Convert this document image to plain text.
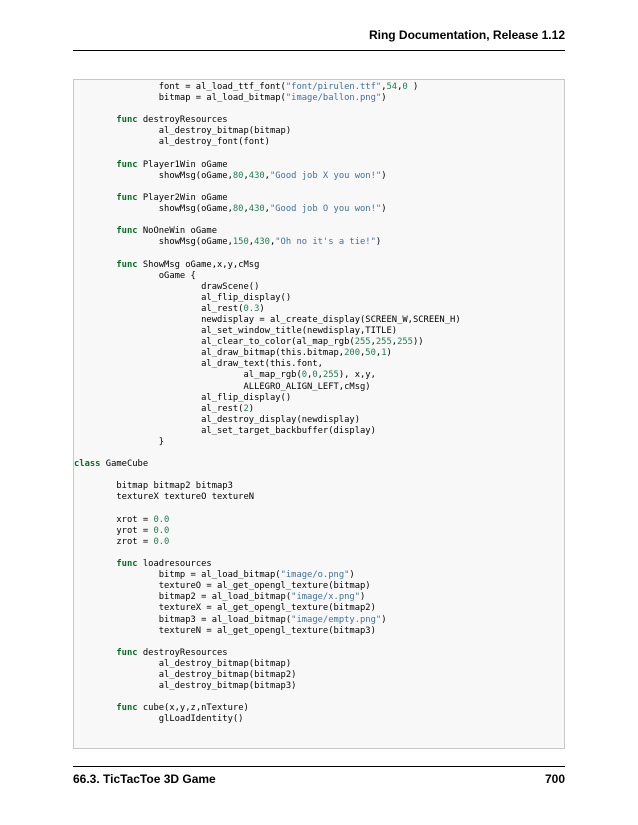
Ring Documentation, Release 1.12
font = al_load_ttf_font("font/pirulen.ttf",54,0 )
bitmap = al_load_bitmap("image/ballon.png")
func destroyResources
al_destroy_bitmap(bitmap)
al_destroy_font(font)
func Player1Win oGame
showMsg(oGame,80,430,"Good job X you won!")
func Player2Win oGame
showMsg(oGame,80,430,"Good job O you won!")
func NoOneWin oGame
showMsg(oGame,150,430,"Oh no it's a tie!")
func ShowMsg oGame,x,y,cMsg
oGame {
drawScene()
al_flip_display()
al_rest(0.3)
newdisplay = al_create_display(SCREEN_W,SCREEN_H)
al_set_window_title(newdisplay,TITLE)
al_clear_to_color(al_map_rgb(255,255,255))
al_draw_bitmap(this.bitmap,200,50,1)
al_draw_text(this.font,
al_map_rgb(0,0,255), x,y,
ALLEGRO_ALIGN_LEFT,cMsg)
al_flip_display()
al_rest(2)
al_destroy_display(newdisplay)
al_set_target_backbuffer(display)
}
class GameCube
bitmap bitmap2 bitmap3
textureX textureO textureN
xrot = 0.0
yrot = 0.0
zrot = 0.0
func loadresources
bitmp = al_load_bitmap("image/o.png")
textureO = al_get_opengl_texture(bitmap)
bitmap2 = al_load_bitmap("image/x.png")
textureX = al_get_opengl_texture(bitmap2)
bitmap3 = al_load_bitmap("image/empty.png")
textureN = al_get_opengl_texture(bitmap3)
func destroyResources
al_destroy_bitmap(bitmap)
al_destroy_bitmap(bitmap2)
al_destroy_bitmap(bitmap3)
func cube(x,y,z,nTexture)
glLoadIdentity()
66.3. TicTacToe 3D Game	700
